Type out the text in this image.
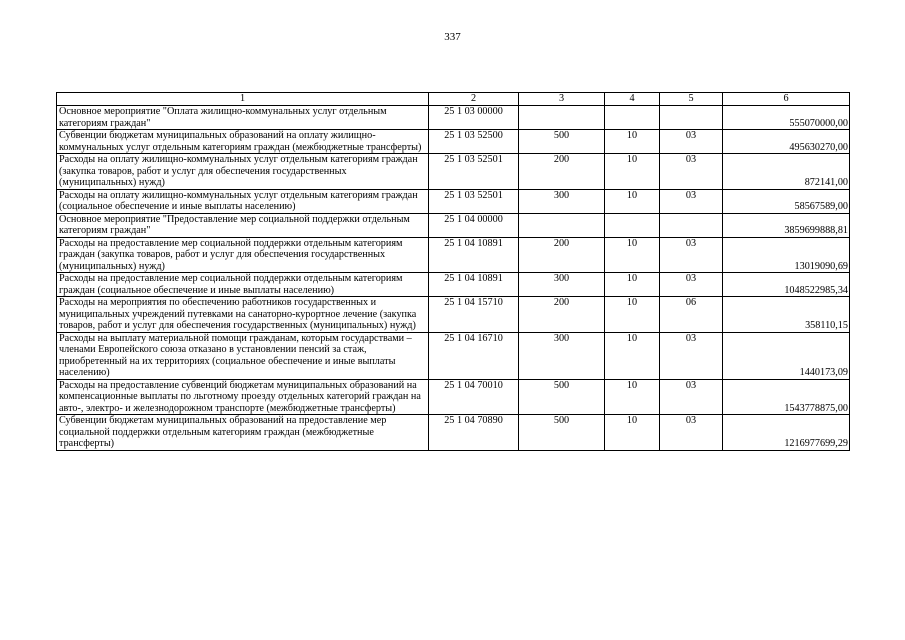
337
1	2	3	4	5	6
Основное мероприятие "Оплата жилищно-коммунальных услуг отдельным категориям граждан"	25 1 03 00000				555070000,00
Субвенции бюджетам муниципальных образований на оплату жилищно-коммунальных услуг отдельным категориям граждан (межбюджетные трансферты)	25 1 03 52500	500	10	03	495630270,00
Расходы на оплату жилищно-коммунальных услуг отдельным категориям граждан (закупка товаров, работ и услуг для обеспечения государственных (муниципальных) нужд)	25 1 03 52501	200	10	03	872141,00
Расходы на оплату жилищно-коммунальных услуг отдельным категориям граждан (социальное обеспечение и иные выплаты населению)	25 1 03 52501	300	10	03	58567589,00
Основное мероприятие "Предоставление мер социальной поддержки отдельным категориям граждан"	25 1 04 00000				3859699888,81
Расходы на предоставление мер социальной поддержки отдельным категориям граждан (закупка товаров, работ и услуг для обеспечения государственных (муниципальных) нужд)	25 1 04 10891	200	10	03	13019090,69
Расходы на предоставление мер социальной поддержки отдельным категориям граждан (социальное обеспечение и иные выплаты населению)	25 1 04 10891	300	10	03	1048522985,34
Расходы на мероприятия по обеспечению работников государственных и муниципальных учреждений путевками на санаторно-курортное лечение (закупка товаров, работ и услуг для обеспечения государственных (муниципальных) нужд)	25 1 04 15710	200	10	06	358110,15
Расходы на выплату материальной помощи гражданам, которым государствами – членами Европейского союза отказано в установлении пенсий за стаж, приобретенный на их территориях (социальное обеспечение и иные выплаты населению)	25 1 04 16710	300	10	03	1440173,09
Расходы на предоставление субвенций бюджетам муниципальных образований на компенсационные выплаты по льготному проезду отдельных категорий граждан на авто-, электро- и железнодорожном транспорте (межбюджетные трансферты)	25 1 04 70010	500	10	03	1543778875,00
Субвенции бюджетам муниципальных образований на предоставление мер социальной поддержки отдельным категориям граждан (межбюджетные трансферты)	25 1 04 70890	500	10	03	1216977699,29
